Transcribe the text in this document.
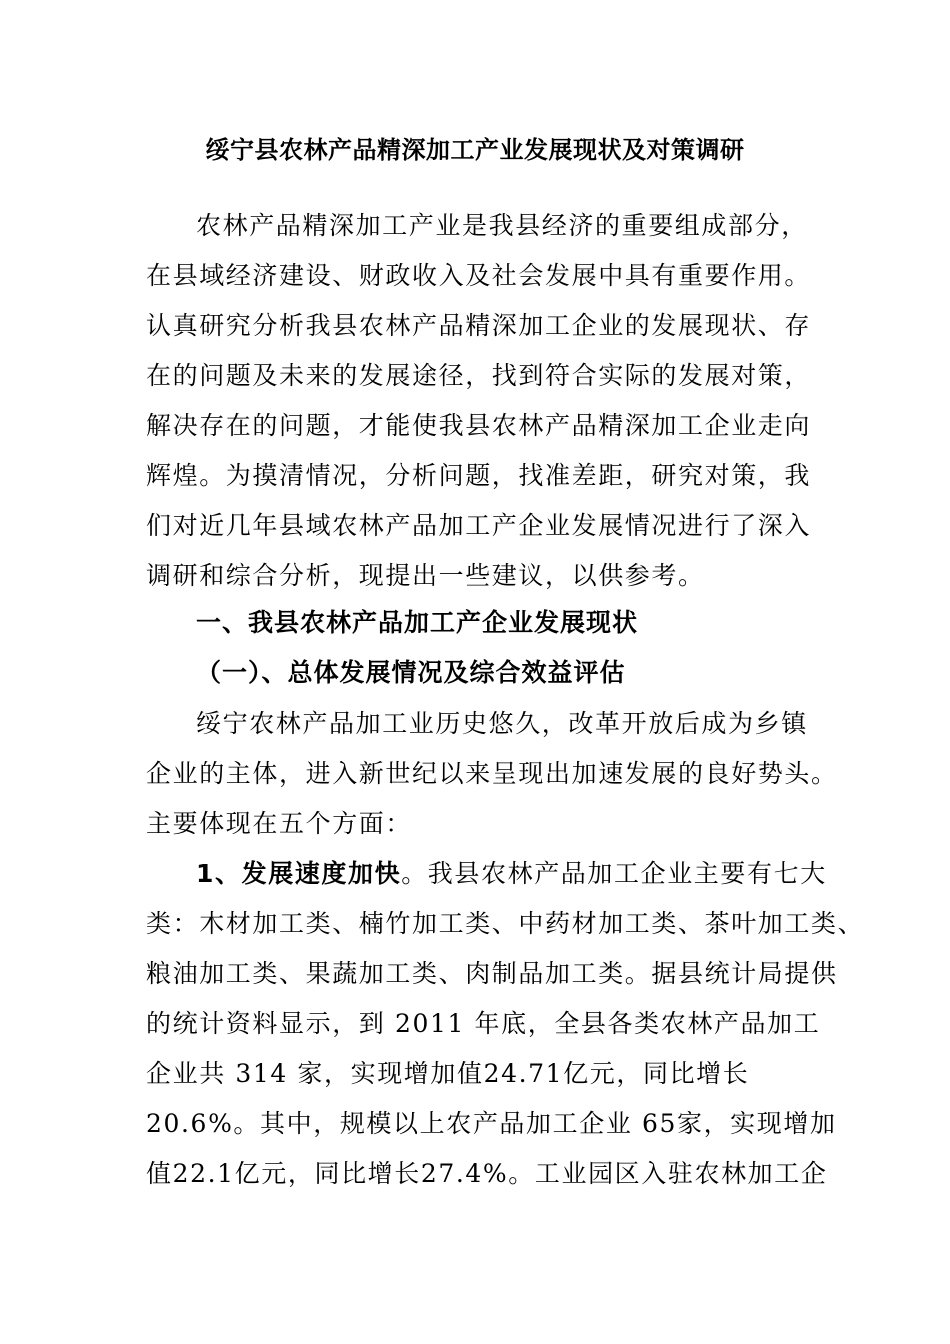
绥宁县农林产品精深加工产业发展现状及对策调研
农林产品精深加工产业是我县经济的重要组成部分，
在县域经济建设、财政收入及社会发展中具有重要作用。
认真研究分析我县农林产品精深加工企业的发展现状、存
在的问题及未来的发展途径，找到符合实际的发展对策，
解决存在的问题，才能使我县农林产品精深加工企业走向
辉煌。为摸清情况，分析问题，找准差距，研究对策，我
们对近几年县域农林产品加工产企业发展情况进行了深入
调研和综合分析，现提出一些建议，以供参考。
一、我县农林产品加工产企业发展现状
（一）、总体发展情况及综合效益评估
绥宁农林产品加工业历史悠久，改革开放后成为乡镇
企业的主体，进入新世纪以来呈现出加速发展的良好势头。
主要体现在五个方面：
1、发展速度加快。我县农林产品加工企业主要有七大
类：木材加工类、楠竹加工类、中药材加工类、茶叶加工类、
粮油加工类、果蔬加工类、肉制品加工类。据县统计局提供
的统计资料显示，到 2011 年底，全县各类农林产品加工
企业共 314 家，实现增加值24.71亿元，同比增长
20.6%。其中，规模以上农产品加工企业 65家，实现增加
值22.1亿元，同比增长27.4%。工业园区入驻农林加工企
